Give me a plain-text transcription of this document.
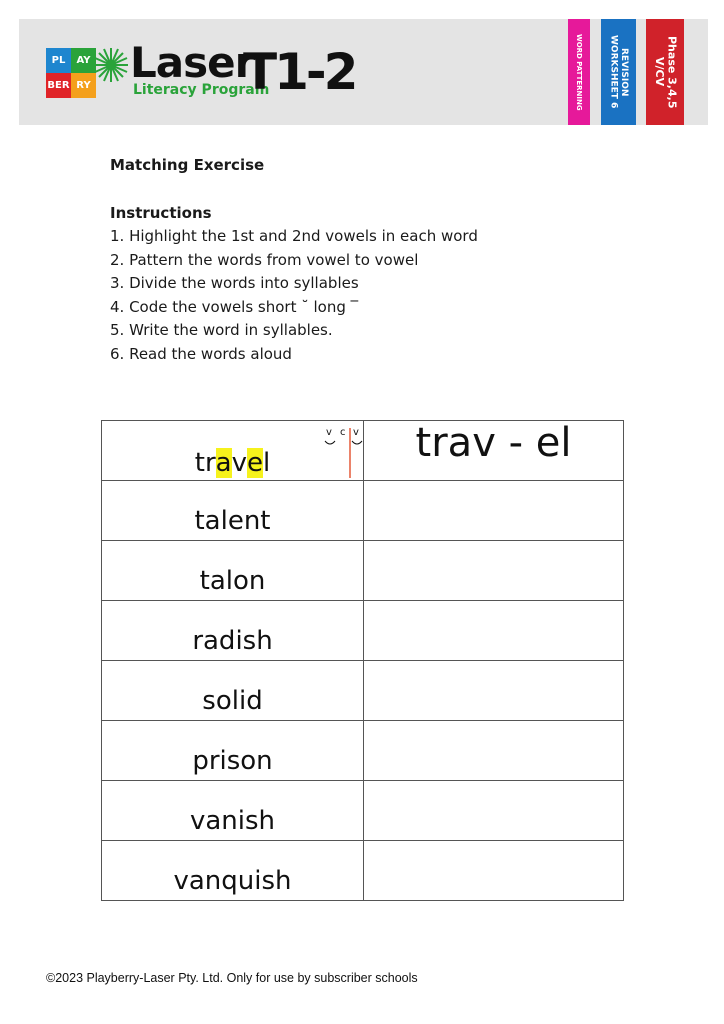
PL	AY
BER RY Laser
Literacy Program
T1-2	WORD PATTERNING	REVISION
WORKSHEET 6	Phase 3,4,5
V/CV
Matching Exercise
Instructions
1. Highlight the 1st and 2nd vowels in each word
2. Pattern the words from vowel to vowel
3. Divide the words into syllables
4. Code the vowels short ˘ long ‾
5. Write the word in syllables.
6. Read the words aloud
v c v
travel	trav - el
talent	
talon	
radish	
solid	
prison	
vanish	
vanquish	
©2023 Playberry-Laser Pty. Ltd. Only for use by subscriber schools
